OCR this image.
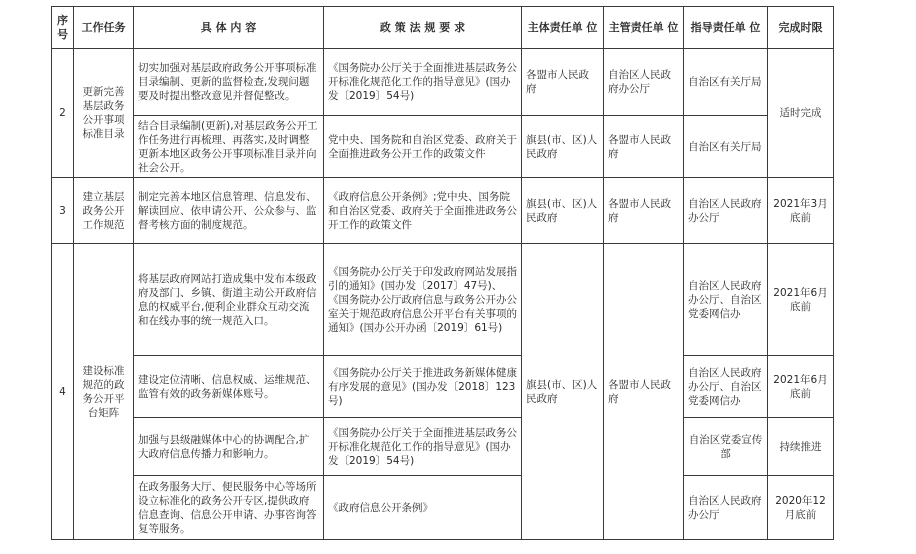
序号	工作任务	具 体 内 容	政 策 法 规 要 求	主体责任单 位	主管责任单 位	指导责任单 位	完成时限
2	更新完善基层政务公开事项标准目录	切实加强对基层政府政务公开事项标准目录编制、更新的监督检查,发现问题要及时提出整改意见并督促整改。	《国务院办公厅关于全面推进基层政务公开标准化规范化工作的指导意见》(国办发〔2019〕54号)	各盟市人民政府	自治区人民政府办公厅	自治区有关厅局	适时完成
		结合目录编制(更新),对基层政务公开工作任务进行再梳理、再落实,及时调整更新本地区政务公开事项标准目录并向社会公开。	党中央、国务院和自治区党委、政府关于全面推进政务公开工作的政策文件	旗县(市、区)人民政府	各盟市人民政府	自治区有关厅局	
3	建立基层政务公开工作规范	制定完善本地区信息管理、信息发布、解读回应、依申请公开、公众参与、监督考核方面的制度规范。	《政府信息公开条例》;党中央、国务院和自治区党委、政府关于全面推进政务公开工作的政策文件	旗县(市、区)人民政府	各盟市人民政府	自治区人民政府办公厅	2021年3月底前
4	建设标准规范的政务公开平台矩阵	将基层政府网站打造成集中发布本级政府及部门、乡镇、街道主动公开政府信息的权威平台,便利企业群众互动交流和在线办事的统一规范入口。	《国务院办公厅关于印发政府网站发展指引的通知》(国办发〔2017〕47号)、《国务院办公厅政府信息与政务公开办公室关于规范政府信息公开平台有关事项的通知》(国办公开办函〔2019〕61号)	旗县(市、区)人民政府	各盟市人民政府	自治区人民政府办公厅、自治区党委网信办	2021年6月底前
		建设定位清晰、信息权威、运维规范、监管有效的政务新媒体账号。	《国务院办公厅关于推进政务新媒体健康有序发展的意见》(国办发〔2018〕123号)			自治区人民政府办公厅、自治区党委网信办	2021年6月底前
		加强与县级融媒体中心的协调配合,扩大政府信息传播力和影响力。	《国务院办公厅关于全面推进基层政务公开标准化规范化工作的指导意见》(国办发〔2019〕54号)			自治区党委宣传部	持续推进
		在政务服务大厅、便民服务中心等场所设立标准化的政务公开专区,提供政府信息查询、信息公开申请、办事咨询答复等服务。	《政府信息公开条例》			自治区人民政府办公厅	2020年12月底前
